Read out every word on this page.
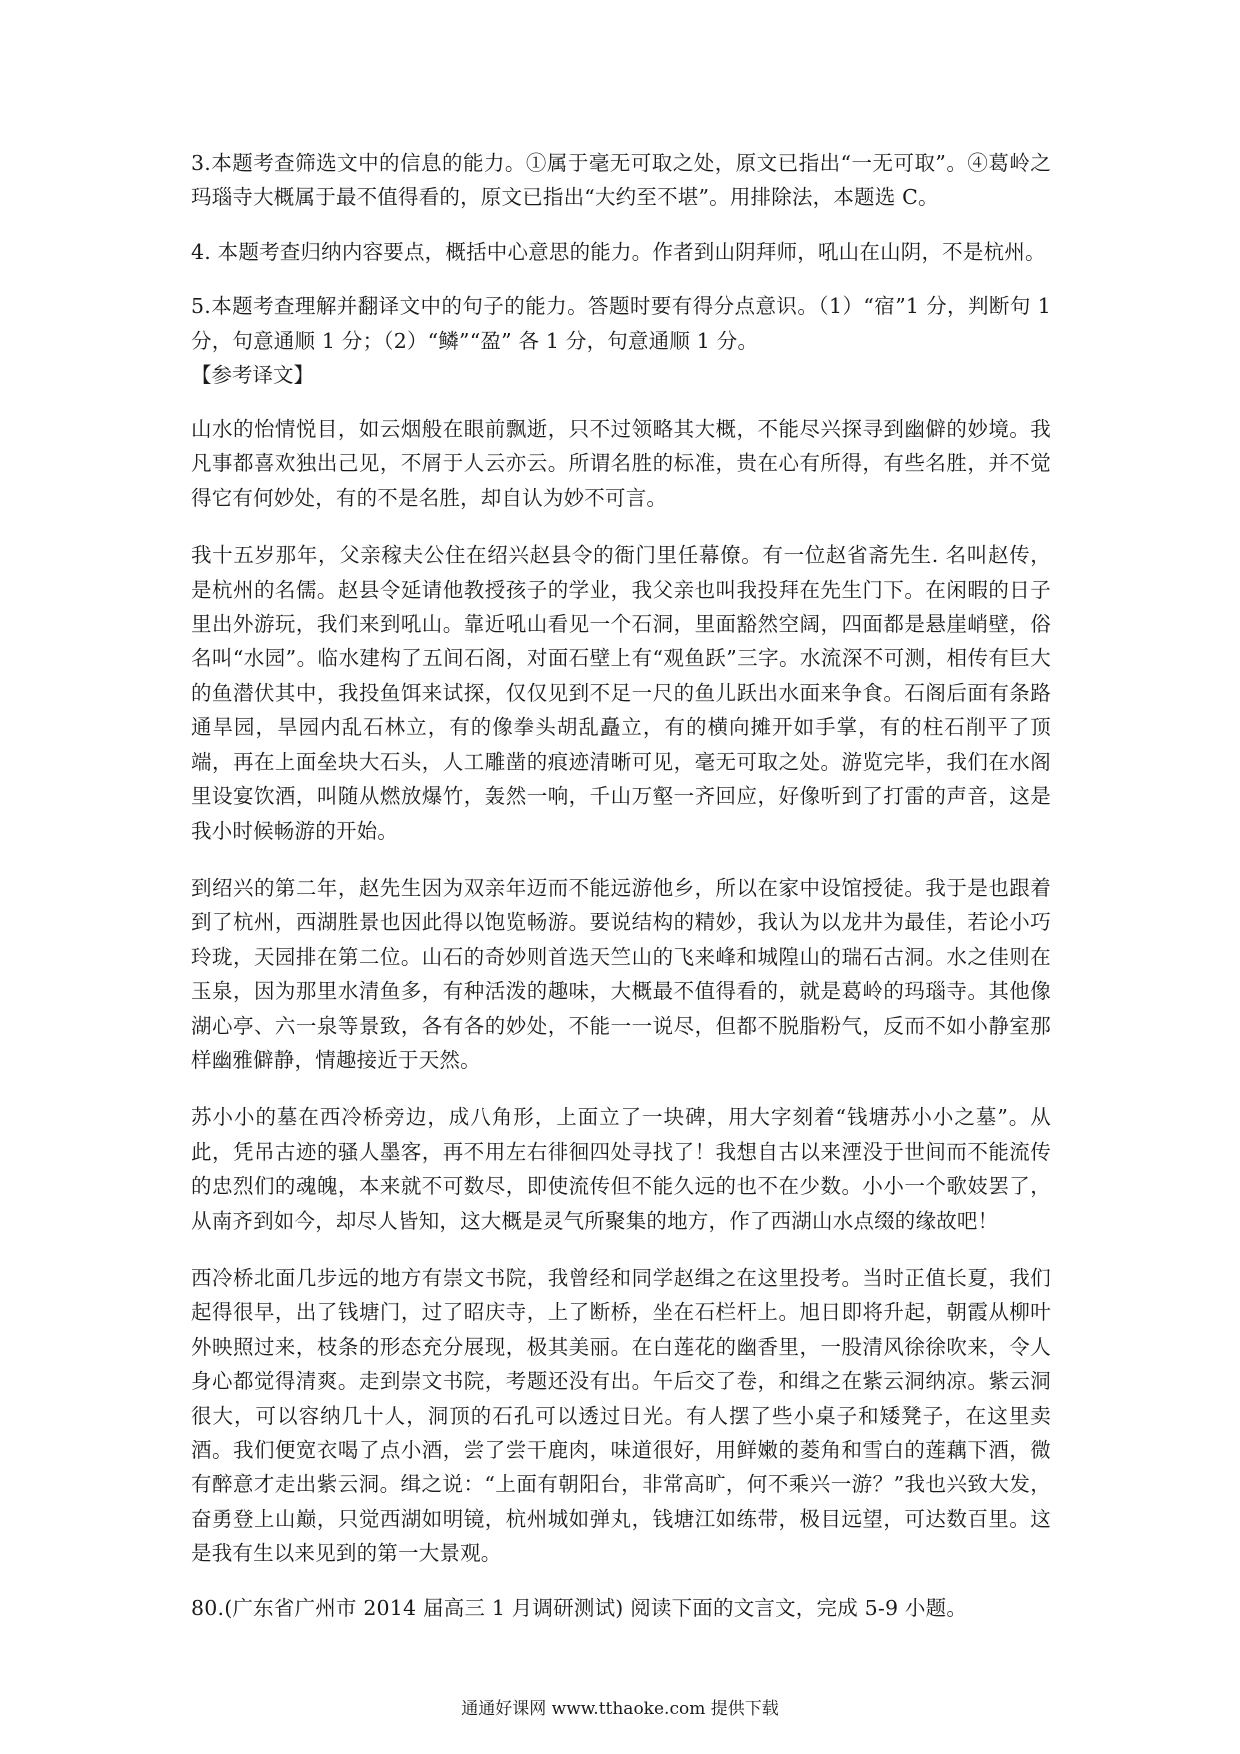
3.本题考查筛选文中的信息的能力。①属于毫无可取之处，原文已指出“一无可取”。④葛岭之玛瑙寺大概属于最不值得看的，原文已指出“大约至不堪”。用排除法，本题选 C。

4. 本题考查归纳内容要点，概括中心意思的能力。作者到山阴拜师，吼山在山阴，不是杭州。

5.本题考查理解并翻译文中的句子的能力。答题时要有得分点意识。（1）“宿”1 分，判断句 1 分，句意通顺 1 分；（2）“鳞”“盈” 各 1 分，句意通顺 1 分。

【参考译文】

山水的怡情悦目，如云烟般在眼前飘逝，只不过领略其大概，不能尽兴探寻到幽僻的妙境。我凡事都喜欢独出己见，不屑于人云亦云。所谓名胜的标准，贵在心有所得，有些名胜，并不觉得它有何妙处，有的不是名胜，却自认为妙不可言。

我十五岁那年，父亲稼夫公住在绍兴赵县令的衙门里任幕僚。有一位赵省斋先生. 名叫赵传，是杭州的名儒。赵县令延请他教授孩子的学业，我父亲也叫我投拜在先生门下。在闲暇的日子里出外游玩，我们来到吼山。靠近吼山看见一个石洞，里面豁然空阔，四面都是悬崖峭壁，俗名叫“水园”。临水建构了五间石阁，对面石壁上有“观鱼跃”三字。水流深不可测，相传有巨大的鱼潜伏其中，我投鱼饵来试探，仅仅见到不足一尺的鱼儿跃出水面来争食。石阁后面有条路通旱园，旱园内乱石林立，有的像拳头胡乱矗立，有的横向摊开如手掌，有的柱石削平了顶端，再在上面垒块大石头，人工雕凿的痕迹清晰可见，毫无可取之处。游览完毕，我们在水阁里设宴饮酒，叫随从燃放爆竹，轰然一响，千山万壑一齐回应，好像听到了打雷的声音，这是我小时候畅游的开始。

到绍兴的第二年，赵先生因为双亲年迈而不能远游他乡，所以在家中设馆授徒。我于是也跟着到了杭州，西湖胜景也因此得以饱览畅游。要说结构的精妙，我认为以龙井为最佳，若论小巧玲珑，天园排在第二位。山石的奇妙则首选天竺山的飞来峰和城隍山的瑞石古洞。水之佳则在玉泉，因为那里水清鱼多，有种活泼的趣味，大概最不值得看的，就是葛岭的玛瑙寺。其他像湖心亭、六一泉等景致，各有各的妙处，不能一一说尽，但都不脱脂粉气，反而不如小静室那样幽雅僻静，情趣接近于天然。

苏小小的墓在西冷桥旁边，成八角形，上面立了一块碑，用大字刻着“钱塘苏小小之墓”。从此，凭吊古迹的骚人墨客，再不用左右徘徊四处寻找了！我想自古以来湮没于世间而不能流传的忠烈们的魂魄，本来就不可数尽，即使流传但不能久远的也不在少数。小小一个歌妓罢了，从南齐到如今，却尽人皆知，这大概是灵气所聚集的地方，作了西湖山水点缀的缘故吧！

西冷桥北面几步远的地方有崇文书院，我曾经和同学赵缉之在这里投考。当时正值长夏，我们起得很早，出了钱塘门，过了昭庆寺，上了断桥，坐在石栏杆上。旭日即将升起，朝霞从柳叶外映照过来，枝条的形态充分展现，极其美丽。在白莲花的幽香里，一股清风徐徐吹来，令人身心都觉得清爽。走到崇文书院，考题还没有出。午后交了卷，和缉之在紫云洞纳凉。紫云洞很大，可以容纳几十人，洞顶的石孔可以透过日光。有人摆了些小桌子和矮凳子，在这里卖酒。我们便宽衣喝了点小酒，尝了尝干鹿肉，味道很好，用鲜嫩的菱角和雪白的莲藕下酒，微有醉意才走出紫云洞。缉之说：“上面有朝阳台，非常高旷，何不乘兴一游？”我也兴致大发，奋勇登上山巅，只觉西湖如明镜，杭州城如弹丸，钱塘江如练带，极目远望，可达数百里。这是我有生以来见到的第一大景观。

80.(广东省广州市 2014 届高三 1 月调研测试) 阅读下面的文言文，完成 5-9 小题。

通通好课网 www.tthaoke.com 提供下载
